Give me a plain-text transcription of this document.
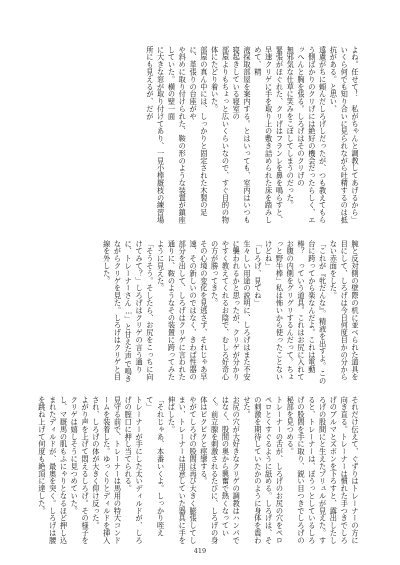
よね。任せて！　私がちゃんと調教してあげるから」

いくら何でも知り合いに見られながら吐精するのは抵抗がある。と思い、

遠慮がちに頼んだしろげしだったが、つも教えてもらう側ばかりのクリげには絶好の機会だったらしく、エッへんと胸を張る。しろげはそのクリげの

無邪気な仕草に笑みをこぼしてしまうのだった。

緊張がほぐれた、クリげはフランレを鼻を鳴らすと、早速クリゲに手を取り上の敷き詰められた床を踏みしめて、精

液採取部屋を案内する。とはいっても、室内はいつも寝起きしている寝室の

部屋よりもちょっと広いくらいなので、すぐ目的の物体にたどり着いた。

部屋の真ん中には、しっかりと固定された木製の足に、革張りの台座がや

や斜めに取り付けられた、鞍の形のような装置が鎮座していた。横の壁一面

に大きな窓が取り付けてあり、一見小棒厩枝の練習場所にも見えるが、だが

腕と反対側の壁際の机に並べられた道具を目にして、しろげは今日何度目かの分からない赤面をした。

「これが『牝だんな』。精液を出すよ。この台に跨ってから楽なんだよ。これは電動棒？　っていう道具。これはお尻に入れてお腹の内側をグリグリするんだって。ちょっと野牛棒」私は怖いから使ったことないけどね」

「しろげ、見てね」

生々しい用途の説明に、しろげはまた不安に襲われるかと思ったが、クリゲが分かりやすく教えてくれるお陰で、むしろ好奇心の方が勝ってきた。

その心境の変化を見逃さず、それじゃあ早速、その新しいのではなく、きわば性器の部分を出して、しろげはクリゲに言われた通りに、鞍のようなその装置に跨ってみたように見えた。

「そうそう。そしたら、お尻をこっちに向けてみて？」しろげはクリゲの言う通りに、トレーナーさん…」と甘えた声で鳴きながらクリゲを見た。しろげはクリゲと目線を外した。

それだけ伝えて、ぐずりはトレーナーの方に向き直る。トレーナーは慣れた手つきでしろげのブルマとズボンを下ろすと、露出したしろげの股間にと生えたプリュルが見えた。すると、トレーナーは、ぼうっとしているしろげの股間を手に取り、鋭い目つきでしろげの秘部を見つめる。

トレーナーの舌が、しろげのお尻の穴をペロペロとくすぐるように舐める。しろげは、その刺激を期待していたかのように身体を震わせた。

お尻の穴が大好きなクリゲの調教はハンパではなく、股間の奥から興奮で熱くなっていく。前立腺を刺激されるたびに、しろげの身体はビクビクと痙攣する。

やがてしろげの股間は再び大きく膨張してしまい、トレーナーは用意していた器具に手を伸ばした。

「それじゃあ、本番いくよ。しっかり咥えて」

トレーナーが手にした太いディルドが、しろげの膣口に押し当てられる。

見守る前で、トレーナーは馬用の特大コンドームを装着した。ゆっくりとディルドを挿入され、しろげの体が大きく仰け反った。

よがり声を上げて悶えるしろげ。その様子をクリゲは嬉しそうに見つめていた。

し、マ厩馬の肌もふにゃりとなるほど押し込まれたディルドが、最奥を突く。しろげは腰を跳ね上げて何度も絶頂に達した。

419
